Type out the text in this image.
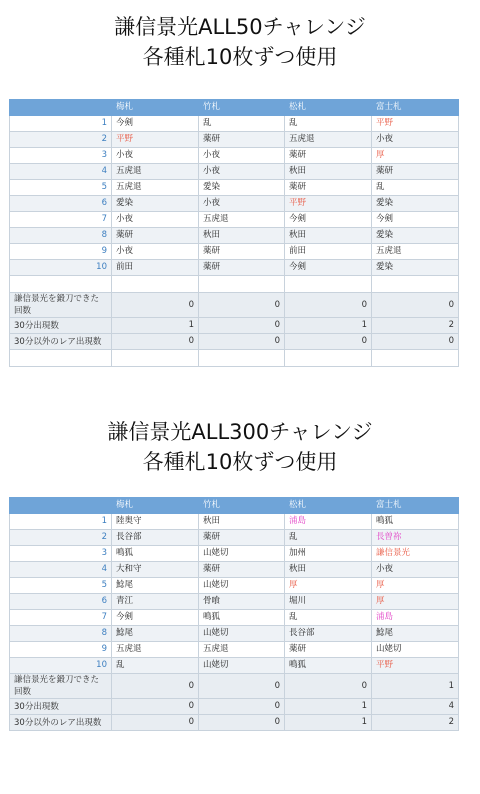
謙信景光ALL50チャレンジ
各種札10枚ずつ使用
	梅札	竹札	松札	富士札
1	今剣	乱	乱	平野
2	平野	薬研	五虎退	小夜
3	小夜	小夜	薬研	厚
4	五虎退	小夜	秋田	薬研
5	五虎退	愛染	薬研	乱
6	愛染	小夜	平野	愛染
7	小夜	五虎退	今剣	今剣
8	薬研	秋田	秋田	愛染
9	小夜	薬研	前田	五虎退
10	前田	薬研	今剣	愛染

謙信景光を鍛刀できた回数	0	0	0	0
30分出現数	1	0	1	2
30分以外のレア出現数	0	0	0	0

謙信景光ALL300チャレンジ
各種札10枚ずつ使用
	梅札	竹札	松札	富士札
1	陸奥守	秋田	浦島	鳴狐
2	長谷部	薬研	乱	長曽祢
3	鳴狐	山姥切	加州	謙信景光
4	大和守	薬研	秋田	小夜
5	鯰尾	山姥切	厚	厚
6	青江	骨喰	堀川	厚
7	今剣	鳴狐	乱	浦島
8	鯰尾	山姥切	長谷部	鯰尾
9	五虎退	五虎退	薬研	山姥切
10	乱	山姥切	鳴狐	平野
謙信景光を鍛刀できた回数	0	0	0	1
30分出現数	0	0	1	4
30分以外のレア出現数	0	0	1	2
